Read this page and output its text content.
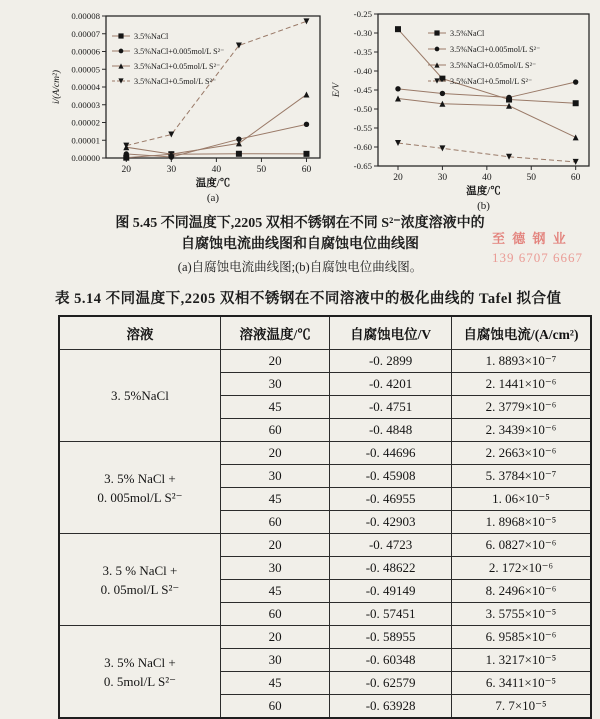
0.00000
0.00001
0.00002
0.00003
0.00004
0.00005
0.00006
0.00007
0.00008
20	30	40	50	60
温度/℃
(a)
i/(A/cm²)
3.5%NaCl
3.5%NaCl+0.005mol/L S²⁻
3.5%NaCl+0.05mol/L S²⁻
3.5%NaCl+0.5mol/L S²⁻
-0.65
-0.60
-0.55
-0.50
-0.45
-0.40
-0.35
-0.30
-0.25
20	30	40	50	60
温度/℃
(b)
E/V
3.5%NaCl
3.5%NaCl+0.005mol/L S²⁻
3.5%NaCl+0.05mol/L S²⁻
3.5%NaCl+0.5mol/L S²⁻
图 5.45 不同温度下,2205 双相不锈钢在不同 S²⁻浓度溶液中的
自腐蚀电流曲线图和自腐蚀电位曲线图
(a)自腐蚀电流曲线图;(b)自腐蚀电位曲线图。
至 德 钢 业
139 6707 6667
表 5.14 不同温度下,2205 双相不锈钢在不同溶液中的极化曲线的 Tafel 拟合值
溶液	溶液温度/℃	自腐蚀电位/V	自腐蚀电流/(A/cm²)

3. 5%NaCl	20	-0. 2899	1. 8893×10⁻⁷
	30	-0. 4201	2. 1441×10⁻⁶
	45	-0. 4751	2. 3779×10⁻⁶
	60	-0. 4848	2. 3439×10⁻⁶

3. 5% NaCl +
0. 005mol/L S²⁻	20	-0. 44696	2. 2663×10⁻⁶
	30	-0. 45908	5. 3784×10⁻⁷
	45	-0. 46955	1. 06×10⁻⁵
	60	-0. 42903	1. 8968×10⁻⁵

3. 5 % NaCl +
0. 05mol/L S²⁻	20	-0. 4723	6. 0827×10⁻⁶
	30	-0. 48622	2. 172×10⁻⁶
	45	-0. 49149	8. 2496×10⁻⁶
	60	-0. 57451	3. 5755×10⁻⁵

3. 5% NaCl +
0. 5mol/L S²⁻	20	-0. 58955	6. 9585×10⁻⁶
	30	-0. 60348	1. 3217×10⁻⁵
	45	-0. 62579	6. 3411×10⁻⁵
	60	-0. 63928	7. 7×10⁻⁵
